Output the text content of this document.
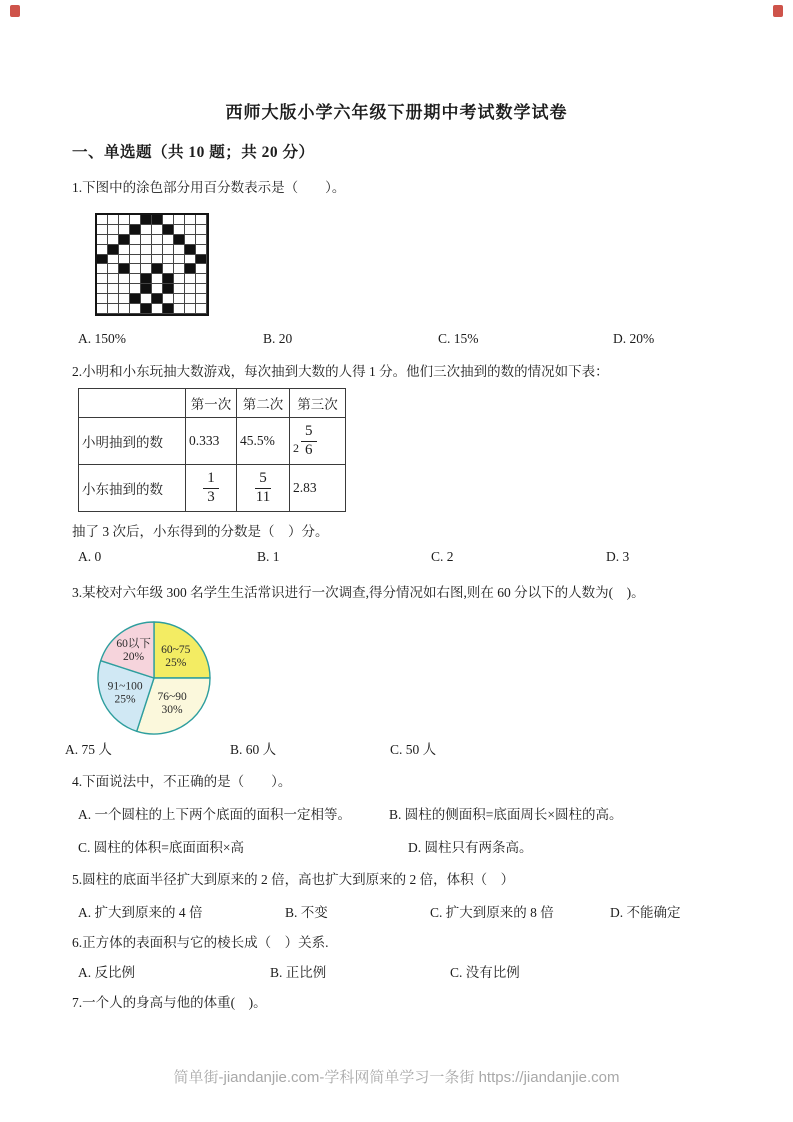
西师大版小学六年级下册期中考试数学试卷
一、单选题（共 10 题；共 20 分）
1.下图中的涂色部分用百分数表示是（　　）。
A. 150%	B. 20	C. 15%	D. 20%
2.小明和小东玩抽大数游戏，每次抽到大数的人得 1 分。他们三次抽到的数的情况如下表：
	第一次	第二次	第三次
小明抽到的数	0.333	45.5%	$2 \frac{5}{6}$

小东抽到的数	$\frac{1}{3}$	$\frac{5}{11}$	2.83
抽了 3 次后，小东得到的分数是（　）分。
A. 0	B. 1	C. 2	D. 3
3.某校对六年级 300 名学生生活常识进行一次调查,得分情况如右图,则在 60 分以下的人数为(　)。
60~75 25%
76~90 30%
91~100 25%
60以下 20%
A. 75 人	B. 60 人	C. 50 人
4.下面说法中，不正确的是（　　）。
A. 一个圆柱的上下两个底面的面积一定相等。	B. 圆柱的侧面积=底面周长×圆柱的高。
C. 圆柱的体积=底面面积×高	D. 圆柱只有两条高。
5.圆柱的底面半径扩大到原来的 2 倍，高也扩大到原来的 2 倍，体积（　）
A. 扩大到原来的 4 倍	B. 不变	C. 扩大到原来的 8 倍	D. 不能确定
6.正方体的表面积与它的棱长成（　）关系.
A. 反比例	B. 正比例	C. 没有比例
7.一个人的身高与他的体重(　)。
简单街-jiandanjie.com-学科网简单学习一条街 https://jiandanjie.com
